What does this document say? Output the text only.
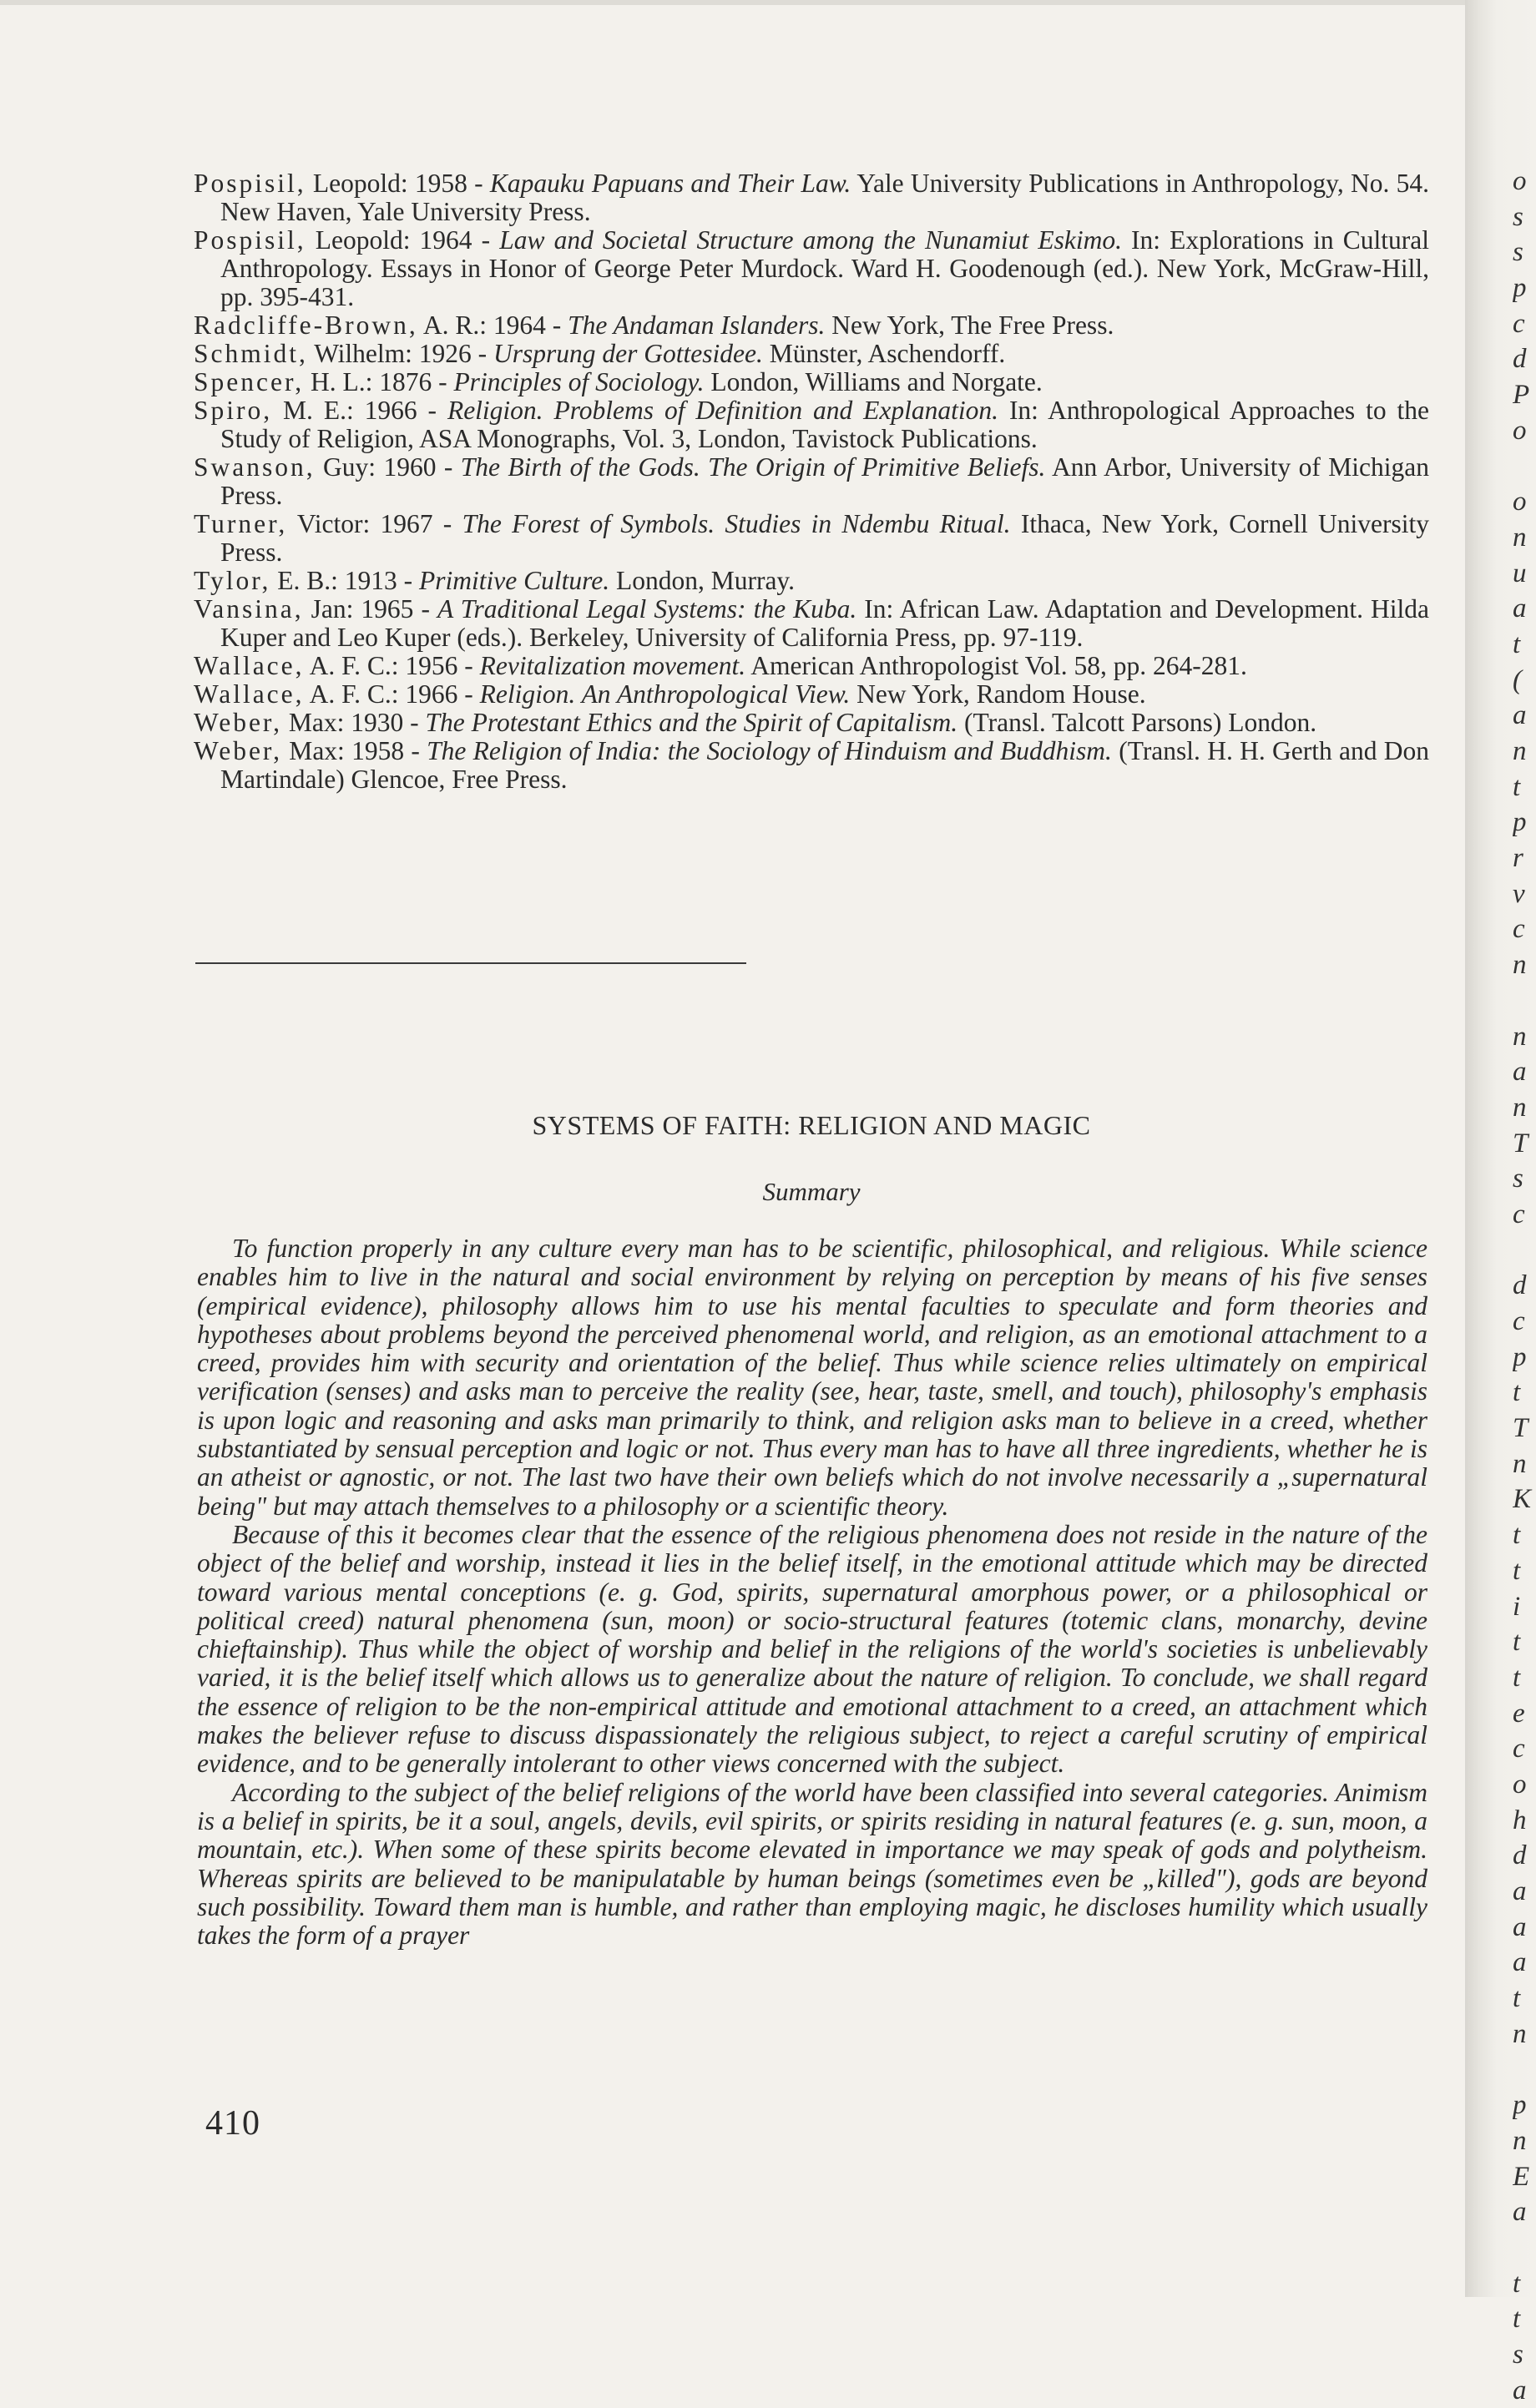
o
s
s
p
c
d
P
o
o
n
u
a
t
(
a
n
t
p
r
v
c
n
n
a
n
T
s
c
d
c
p
t
T
n
K
t
t
i
t
t
e
c
o
h
d
a
a
a
t
n
p
n
E
a
t
t
s
a
Pospisil, Leopold: 1958 - Kapauku Papuans and Their Law. Yale University Publications in Anthropology, No. 54. New Haven, Yale University Press.
Pospisil, Leopold: 1964 - Law and Societal Structure among the Nunamiut Eskimo. In: Explorations in Cultural Anthropology. Essays in Honor of George Peter Murdock. Ward H. Goodenough (ed.). New York, McGraw-Hill, pp. 395-431.
Radcliffe-Brown, A. R.: 1964 - The Andaman Islanders. New York, The Free Press.
Schmidt, Wilhelm: 1926 - Ursprung der Gottesidee. Münster, Aschendorff.
Spencer, H. L.: 1876 - Principles of Sociology. London, Williams and Norgate.
Spiro, M. E.: 1966 - Religion. Problems of Definition and Explanation. In: Anthropological Approaches to the Study of Religion, ASA Monographs, Vol. 3, London, Tavistock Publications.
Swanson, Guy: 1960 - The Birth of the Gods. The Origin of Primitive Beliefs. Ann Arbor, University of Michigan Press.
Turner, Victor: 1967 - The Forest of Symbols. Studies in Ndembu Ritual. Ithaca, New York, Cornell University Press.
Tylor, E. B.: 1913 - Primitive Culture. London, Murray.
Vansina, Jan: 1965 - A Traditional Legal Systems: the Kuba. In: African Law. Adaptation and Development. Hilda Kuper and Leo Kuper (eds.). Berkeley, University of California Press, pp. 97-119.
Wallace, A. F. C.: 1956 - Revitalization movement. American Anthropologist Vol. 58, pp. 264-281.
Wallace, A. F. C.: 1966 - Religion. An Anthropological View. New York, Random House.
Weber, Max: 1930 - The Protestant Ethics and the Spirit of Capitalism. (Transl. Talcott Parsons) London.
Weber, Max: 1958 - The Religion of India: the Sociology of Hinduism and Buddhism. (Transl. H. H. Gerth and Don Martindale) Glencoe, Free Press.
SYSTEMS OF FAITH: RELIGION AND MAGIC
Summary

To function properly in any culture every man has to be scientific, philosophical, and religious. While science enables him to live in the natural and social environment by relying on perception by means of his five senses (empirical evidence), philosophy allows him to use his mental faculties to speculate and form theories and hypotheses about problems beyond the perceived phenomenal world, and religion, as an emotional attachment to a creed, provides him with security and orientation of the belief. Thus while science relies ultimately on empirical verification (senses) and asks man to perceive the reality (see, hear, taste, smell, and touch), philosophy's emphasis is upon logic and reasoning and asks man primarily to think, and religion asks man to believe in a creed, whether substantiated by sensual perception and logic or not. Thus every man has to have all three ingredients, whether he is an atheist or agnostic, or not. The last two have their own beliefs which do not involve necessarily a „supernatural being" but may attach themselves to a philosophy or a scientific theory.

Because of this it becomes clear that the essence of the religious phenomena does not reside in the nature of the object of the belief and worship, instead it lies in the belief itself, in the emotional attitude which may be directed toward various mental conceptions (e. g. God, spirits, supernatural amorphous power, or a philosophical or political creed) natural phenomena (sun, moon) or socio-structural features (totemic clans, monarchy, devine chieftainship). Thus while the object of worship and belief in the religions of the world's societies is unbelievably varied, it is the belief itself which allows us to generalize about the nature of religion. To conclude, we shall regard the essence of religion to be the non-empirical attitude and emotional attachment to a creed, an attachment which makes the believer refuse to discuss dispassionately the religious subject, to reject a careful scrutiny of empirical evidence, and to be generally intolerant to other views concerned with the subject.

According to the subject of the belief religions of the world have been classified into several categories. Animism is a belief in spirits, be it a soul, angels, devils, evil spirits, or spirits residing in natural features (e. g. sun, moon, a mountain, etc.). When some of these spirits become elevated in importance we may speak of gods and polytheism. Whereas spirits are believed to be manipulatable by human beings (sometimes even be „killed"), gods are beyond such possibility. Toward them man is humble, and rather than employing magic, he discloses humility which usually takes the form of a prayer

410
